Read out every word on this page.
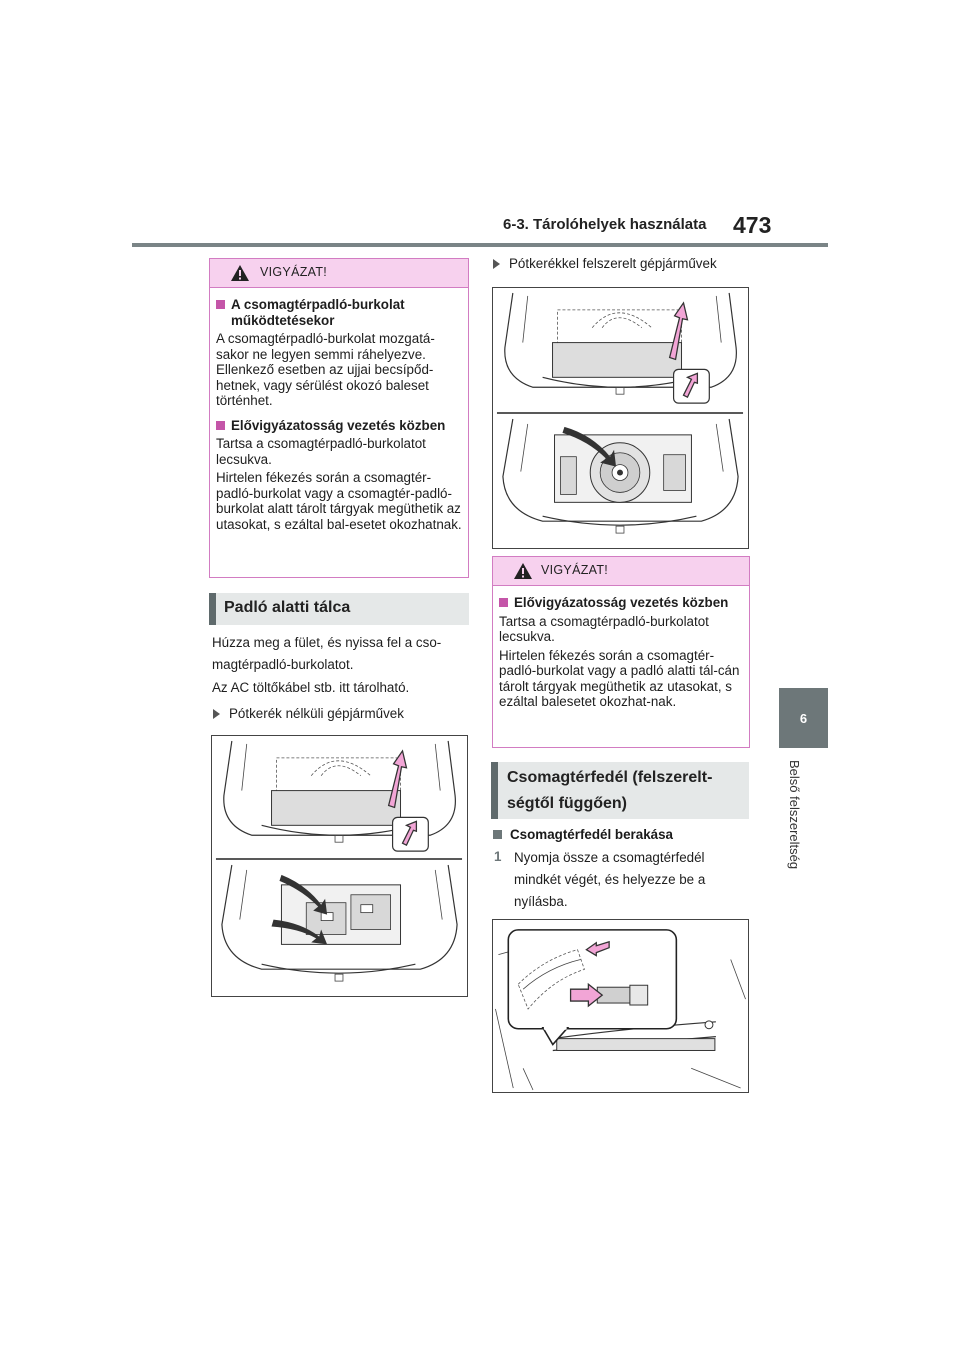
6-3. Tárolóhelyek használata 473
6
Belső felszereltség
VIGYÁZAT!
A csomagtérpadló-burkolat működtetésekor

A csomagtérpadló-burkolat mozgatá-sakor ne legyen semmi ráhelyezve. Ellenkező esetben az ujjai becsípőd-hetnek, vagy sérülést okozó baleset történhet.

Elővigyázatosság vezetés közben

Tartsa a csomagtérpadló-burkolatot lecsukva.

Hirtelen fékezés során a csomagtér-padló-burkolat vagy a csomagtér-padló-burkolat alatt tárolt tárgyak megüthetik az utasokat, s ezáltal bal-esetet okozhatnak.

Padló alatti tálca
Húzza meg a fület, és nyissa fel a cso-magtérpadló-burkolatot.
Az AC töltőkábel stb. itt tárolható.
Pótkerék nélküli gépjárművek
Pótkerékkel felszerelt gépjárművek
VIGYÁZAT!
Elővigyázatosság vezetés közben

Tartsa a csomagtérpadló-burkolatot lecsukva.

Hirtelen fékezés során a csomagtér-padló-burkolat vagy a padló alatti tál-cán tárolt tárgyak megüthetik az utasokat, s ezáltal balesetet okozhat-nak.

Csomagtérfedél (felszerelt-ségtől függően)
Csomagtérfedél berakása
1 Nyomja össze a csomagtérfedél mindkét végét, és helyezze be a nyílásba.
